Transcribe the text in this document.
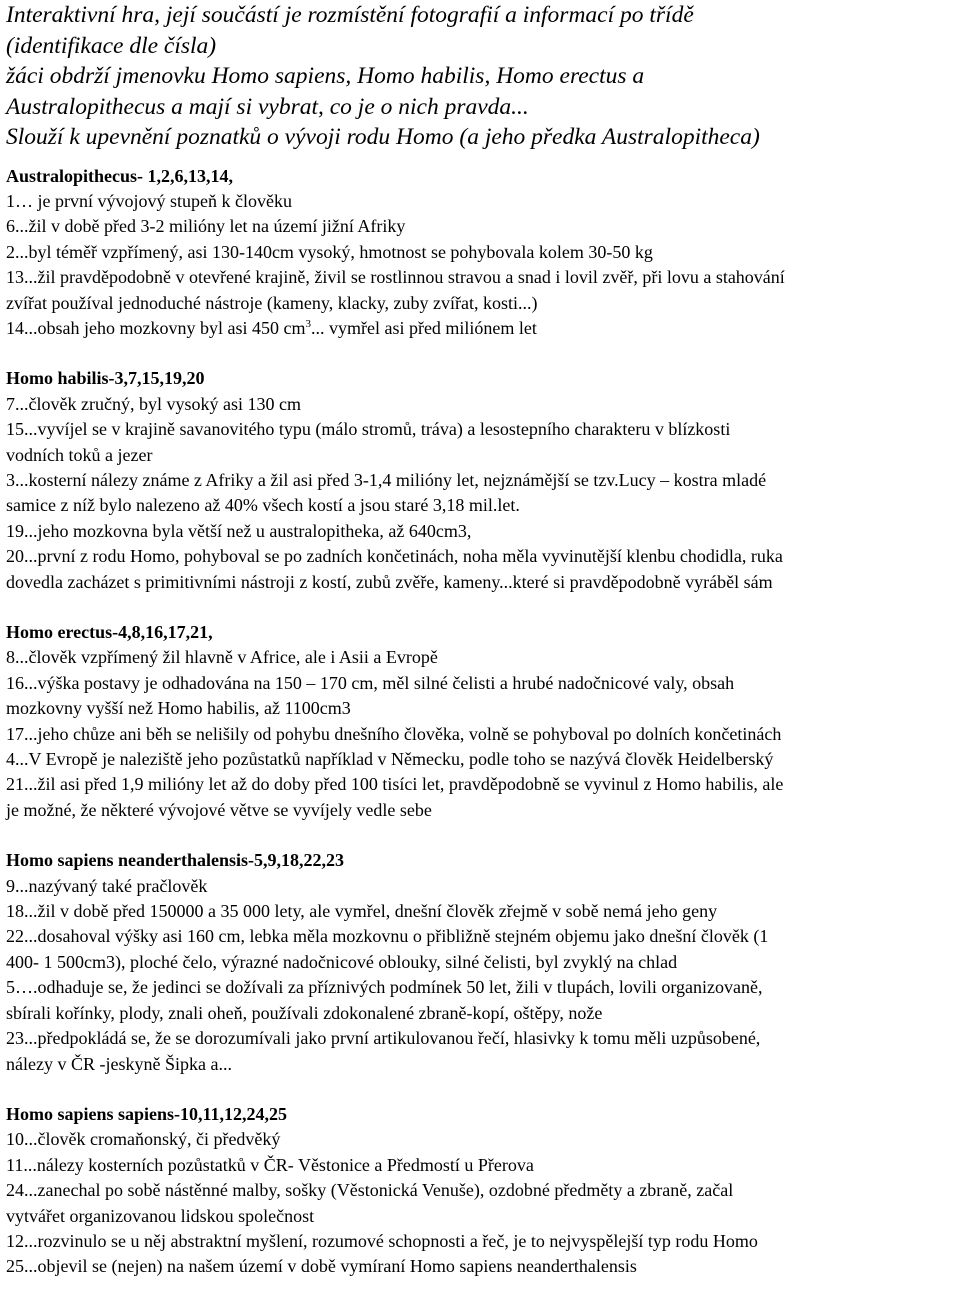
Interaktivní hra, její součástí je rozmístění fotografií a informací po třídě
(identifikace dle čísla)
žáci obdrží jmenovku Homo sapiens, Homo habilis, Homo erectus a
Australopithecus a mají si vybrat, co je o nich pravda...
Slouží k upevnění poznatků o vývoji rodu Homo (a jeho předka Australopitheca)
Australopithecus- 1,2,6,13,14,
1… je první vývojový stupeň k člověku
6...žil v době před 3-2 milióny let na území jižní Afriky
2...byl téměř vzpřímený, asi 130-140cm vysoký, hmotnost se pohybovala kolem 30-50 kg
13...žil pravděpodobně v otevřené krajině, živil se rostlinnou stravou a snad i lovil zvěř, při lovu a stahování
zvířat používal jednoduché nástroje (kameny, klacky, zuby zvířat, kosti...)
14...obsah jeho mozkovny byl asi 450 $cm^3$... vymřel asi před miliónem let
Homo habilis-3,7,15,19,20
7...člověk zručný, byl vysoký asi 130 cm
15...vyvíjel se v krajině savanovitého typu (málo stromů, tráva) a lesostepního charakteru v blízkosti
vodních toků a jezer
3...kosterní nálezy známe z Afriky a žil asi před 3-1,4 milióny let, nejznámější se tzv.Lucy – kostra mladé
samice z níž bylo nalezeno až 40% všech kostí a jsou staré 3,18 mil.let.
19...jeho mozkovna byla větší než u australopitheka, až 640cm3,
20...první z rodu Homo, pohyboval se po zadních končetinách, noha měla vyvinutější klenbu chodidla, ruka
dovedla zacházet s primitivními nástroji z kostí, zubů zvěře, kameny...které si pravděpodobně vyráběl sám
Homo erectus-4,8,16,17,21,
8...člověk vzpřímený žil hlavně v Africe, ale i Asii a Evropě
16...výška postavy je odhadována na 150 – 170 cm, měl silné čelisti a hrubé nadočnicové valy, obsah
mozkovny vyšší než Homo habilis, až 1100cm3
17...jeho chůze ani běh se nelišily od pohybu dnešního člověka, volně se pohyboval po dolních končetinách
4...V Evropě je naleziště jeho pozůstatků například v Německu, podle toho se nazývá člověk Heidelberský
21...žil asi před 1,9 milióny let až do doby před 100 tisíci let, pravděpodobně se vyvinul z Homo habilis, ale
je možné, že některé vývojové větve se vyvíjely vedle sebe
Homo sapiens neanderthalensis-5,9,18,22,23
9...nazývaný také pračlověk
18...žil v době před 150000 a 35 000 lety, ale vymřel, dnešní člověk zřejmě v sobě nemá jeho geny
22...dosahoval výšky asi 160 cm, lebka měla mozkovnu o přibližně stejném objemu jako dnešní člověk (1
400- 1 500cm3), ploché čelo, výrazné nadočnicové oblouky, silné čelisti, byl zvyklý na chlad
5….odhaduje se, že jedinci se dožívali za příznivých podmínek 50 let, žili v tlupách, lovili organizovaně,
sbírali kořínky, plody, znali oheň, používali zdokonalené zbraně-kopí, oštěpy, nože
23...předpokládá se, že se dorozumívali jako první artikulovanou řečí, hlasivky k tomu měli uzpůsobené,
nálezy v ČR -jeskyně Šipka a...
Homo sapiens sapiens-10,11,12,24,25
10...člověk cromaňonský, či předvěký
11...nálezy kosterních pozůstatků v ČR- Věstonice a Předmostí u Přerova
24...zanechal po sobě nástěnné malby, sošky (Věstonická Venuše), ozdobné předměty a zbraně, začal
vytvářet organizovanou lidskou společnost
12...rozvinulo se u něj abstraktní myšlení, rozumové schopnosti a řeč, je to nejvyspělejší typ rodu Homo
25...objevil se (nejen) na našem území v době vymíraní Homo sapiens neanderthalensis
